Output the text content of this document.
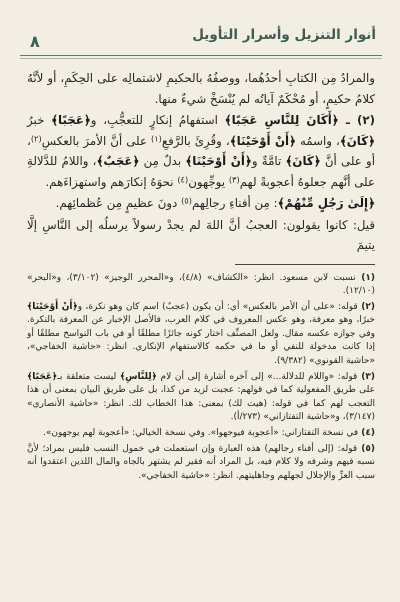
أنوار التنزيل وأسرار التأويل
٨

والمرادُ مِن الكتابِ أحدُهُما، ووصفُهُ بالحكيمِ لاشتمالِه على الحِكَمِ، أو لأنَّهُ كلامُ حكيمٍ، أو مُحْكَمٌ آياتُه لم يُنْسَخْ شيءٌ منها.

(٢) ـ ﴿أَكَانَ لِلنَّاسِ عَجَبًا﴾ استفهامُ إنكارٍ للتعجُّبِ، و﴿عَجَبًا﴾ خبرُ ﴿كَانَ﴾، واسمُه ﴿أَنْ أَوْحَيْنَا﴾، وقُرِئَ بالرَّفعِ$^{(١)}$ على أنَّ الأمرَ بالعكسِ$^{(٢)}$، أو على أنَّ ﴿كَانَ﴾ تامَّةٌ و﴿أَنْ أَوْحَيْنَا﴾ بدلٌ مِن ﴿عَجَبٌ﴾، واللامُ للدَّلالةِ على أنَّهم جعلوهُ أعجوبةً لهم$^{(٣)}$ يوجِّهون$^{(٤)}$ نحوَهُ إنكارَهم واستهزاءَهم.

﴿إِلَىٰ رَجُلٍ مِّنْهُمْ﴾: مِن أفناءِ رجالِهم$^{(٥)}$ دونَ عظيمٍ مِن عُظمائِهم.

قيل: كانوا يقولون: العجبُ أنَّ اللهَ لم يجدْ رسولاً يرسلُه إلى النَّاسِ إلَّا يتيمَ

(١) نسبت لابن مسعود. انظر: «الكشاف» (٤/٨)، و«المحرر الوجيز» (٣/١٠٢)، و«البحر» (١٢/١٠).

(٢) قوله: «على أن الأمر بالعكس» أي: أن يكون (عجبٌ) اسم كان وهو نكرة، و﴿أَنْ أَوْحَيْنَا﴾ خبرًا، وهو معرفة، وهو عكس المعروف في كلام العرب، فالأصل الإخبار عن المعرفة بالنكرة. وفي جوازه عكسه مقال. ولعل المصنِّف اختار كونه جائزًا مطلقًا أو في باب النواسخ مطلقًا أو إذا كانت مدخولة للنفي أو ما في حكمه كالاستفهام الإنكاري. انظر: «حاشية الخفاجي»، «حاشية القونوي» (٩/٣٨٢).

(٣) قوله: «واللام للدلالة...» إلى آخره أشارة إلى أن لام ﴿لِلنَّاسِ﴾ ليست متعلقة بـ﴿عَجَبًا﴾ على طريق المفعولية كما في قولهم: عجبت لزيد من كذا، بل على طريق البيان بمعنى أن هذا التعجب لهم كما في قوله: (هيت لك) بمعنى: هذا الخطاب لك. انظر: «حاشية الأنصاري» (٣/١٤٧)، و«حاشية التفتازاني» (٢٧٣/أ).

(٤) في نسخة التفتازاني: «أعجوبة فيوجهوا». وفي نسخة الخيالي: «أعجوبة لهم يوجهون».

(٥) قوله: (إلى أفناء رجالهم) هذه العبارة وإن استعملت في خمول النسب فليس بمراد؛ لأنَّ نسبه فيهم وشرفه ولا كلام فيه، بل المراد أنه فقير لم يشتهر بالجاه والمال اللذين اعتقدوا أنه سبب العزِّ والإجلال لجهلهم وجاهليتهم. انظر: «حاشية الخفاجي».
